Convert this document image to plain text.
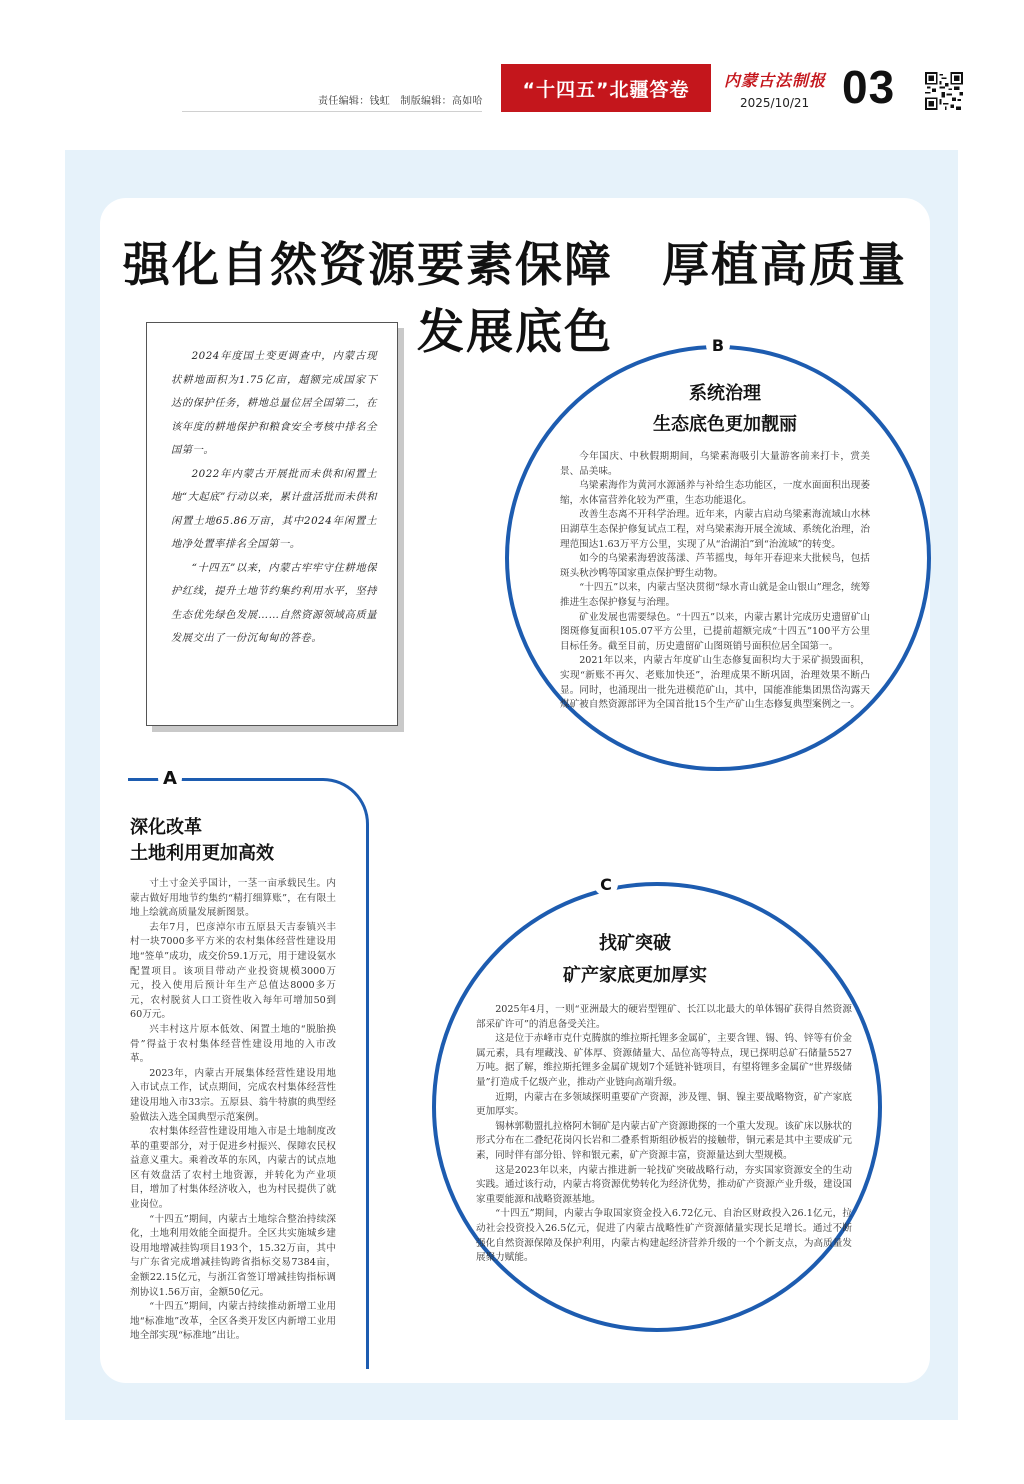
责任编辑：钱虹　制版编辑：高如哈
“十四五”北疆答卷	内蒙古法制报
2025/10/21 03
强化自然资源要素保障　厚植高质量发展底色

2024年度国土变更调查中，内蒙古现状耕地面积为1.75亿亩，超额完成国家下达的保护任务，耕地总量位居全国第二，在该年度的耕地保护和粮食安全考核中排名全国第一。

2022年内蒙古开展批而未供和闲置土地“大起底”行动以来，累计盘活批而未供和闲置土地65.86万亩，其中2024年闲置土地净处置率排名全国第一。

“十四五”以来，内蒙古牢牢守住耕地保护红线，提升土地节约集约利用水平，坚持生态优先绿色发展……自然资源领域高质量发展交出了一份沉甸甸的答卷。

B
系统治理
生态底色更加靓丽

今年国庆、中秋假期期间，乌梁素海吸引大量游客前来打卡，赏美景、品美味。

乌梁素海作为黄河水源涵养与补给生态功能区，一度水面面积出现萎缩，水体富营养化较为严重，生态功能退化。

改善生态离不开科学治理。近年来，内蒙古启动乌梁素海流域山水林田湖草生态保护修复试点工程，对乌梁素海开展全流域、系统化治理，治理范围达1.63万平方公里，实现了从“治湖泊”到“治流域”的转变。

如今的乌梁素海碧波荡漾、芦苇摇曳，每年开春迎来大批候鸟，包括斑头秋沙鸭等国家重点保护野生动物。

“十四五”以来，内蒙古坚决贯彻“绿水青山就是金山银山”理念，统筹推进生态保护修复与治理。

矿业发展也需要绿色。“十四五”以来，内蒙古累计完成历史遗留矿山图斑修复面积105.07平方公里，已提前超额完成“十四五”100平方公里目标任务。截至目前，历史遗留矿山图斑销号面积位居全国第一。

2021年以来，内蒙古年度矿山生态修复面积均大于采矿损毁面积，实现“新账不再欠、老账加快还”，治理成果不断巩固，治理效果不断凸显。同时，也涌现出一批先进模范矿山，其中，国能准能集团黑岱沟露天煤矿被自然资源部评为全国首批15个生产矿山生态修复典型案例之一。

A
深化改革
土地利用更加高效

寸土寸金关乎国计，一茎一亩承载民生。内蒙古做好用地节约集约“精打细算账”，在有限土地上绘就高质量发展新图景。

去年7月，巴彦淖尔市五原县天吉泰镇兴丰村一块7000多平方米的农村集体经营性建设用地“签单”成功，成交价59.1万元，用于建设氨水配置项目。该项目带动产业投资规模3000万元，投入使用后预计年生产总值达8000多万元，农村脱贫人口工资性收入每年可增加50到60万元。

兴丰村这片原本低效、闲置土地的“脱胎换骨”得益于农村集体经营性建设用地的入市改革。

2023年，内蒙古开展集体经营性建设用地入市试点工作，试点期间，完成农村集体经营性建设用地入市33宗。五原县、翁牛特旗的典型经验做法入选全国典型示范案例。

农村集体经营性建设用地入市是土地制度改革的重要部分，对于促进乡村振兴、保障农民权益意义重大。乘着改革的东风，内蒙古的试点地区有效盘活了农村土地资源，并转化为产业项目，增加了村集体经济收入，也为村民提供了就业岗位。

“十四五”期间，内蒙古土地综合整治持续深化，土地利用效能全面提升。全区共实施城乡建设用地增减挂钩项目193个，15.32万亩，其中与广东省完成增减挂钩跨省指标交易7384亩，金额22.15亿元，与浙江省签订增减挂钩指标调剂协议1.56万亩，金额50亿元。

“十四五”期间，内蒙古持续推动新增工业用地“标准地”改革，全区各类开发区内新增工业用地全部实现“标准地”出让。

C
找矿突破
矿产家底更加厚实

2025年4月，一则“亚洲最大的硬岩型锂矿、长江以北最大的单体锡矿获得自然资源部采矿许可”的消息备受关注。

这是位于赤峰市克什克腾旗的维拉斯托锂多金属矿，主要含锂、锡、钨、锌等有价金属元素，具有埋藏浅、矿体厚、资源储量大、品位高等特点，现已探明总矿石储量5527万吨。据了解，维拉斯托锂多金属矿规划7个延链补链项目，有望将锂多金属矿“世界级储量”打造成千亿级产业，推动产业链向高端升级。

近期，内蒙古在多领域探明重要矿产资源，涉及锂、铜、镍主要战略物资，矿产家底更加厚实。

锡林郭勒盟扎拉格阿木铜矿是内蒙古矿产资源勘探的一个重大发现。该矿床以脉状的形式分布在二叠纪花岗闪长岩和二叠系哲斯组砂板岩的接触带，铜元素是其中主要成矿元素，同时伴有部分铅、锌和银元素，矿产资源丰富，资源量达到大型规模。

这是2023年以来，内蒙古推进新一轮找矿突破战略行动，夯实国家资源安全的生动实践。通过该行动，内蒙古将资源优势转化为经济优势，推动矿产资源产业升级，建设国家重要能源和战略资源基地。

“十四五”期间，内蒙古争取国家资金投入6.72亿元、自治区财政投入26.1亿元，拉动社会投资投入26.5亿元，促进了内蒙古战略性矿产资源储量实现长足增长。通过不断强化自然资源保障及保护利用，内蒙古构建起经济营养升级的一个个新支点，为高质量发展聚力赋能。
